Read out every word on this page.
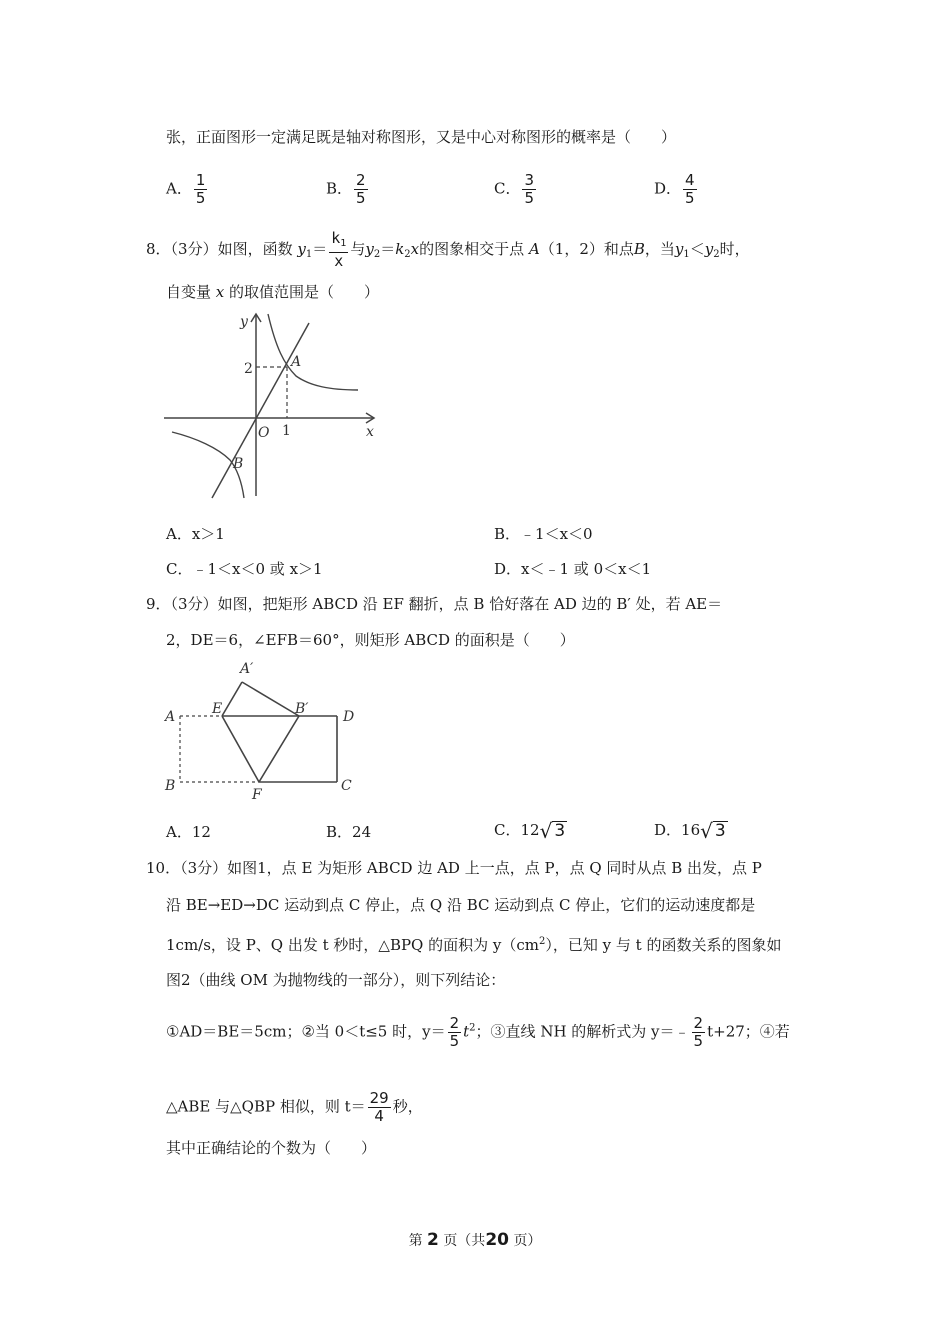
张，正面图形一定满足既是轴对称图形，又是中心对称图形的概率是（　　）
A． $\frac{1}{5}$	B． $\frac{2}{5}$	C． $\frac{3}{5}$	D． $\frac{4}{5}$
8．（3分）如图，函数 $y_1= \frac{k_1}{x}$ 与$y_2=k_2x$的图象相交于点 A（1，2）和点B，当$y_1<y_2$时，
自变量 x 的取值范围是（　　）
y
x
O
2
1
A
B
A．x＞1	B．﹣1＜x＜0
C．﹣1＜x＜0 或 x＞1	D．x＜﹣1 或 0＜x＜1
9．（3分）如图，把矩形 ABCD 沿 EF 翻折，点 B 恰好落在 AD 边的 B′ 处，若 AE＝
2，DE＝6，∠EFB＝60°，则矩形 ABCD 的面积是（　　）
A′
A	E	B′ D
B
F
C
A．12	B．24	C．12 √ 3	D．16 √ 3
10．（3分）如图1，点 E 为矩形 ABCD 边 AD 上一点，点 P，点 Q 同时从点 B 出发，点 P
沿 BE→ED→DC 运动到点 C 停止，点 Q 沿 BC 运动到点 C 停止，它们的运动速度都是
1cm/s，设 P、Q 出发 t 秒时，△BPQ 的面积为 $y(cm^2)$，已知 y 与 t 的函数关系的图象如
图2（曲线 OM 为抛物线的一部分），则下列结论：
①AD＝BE＝5cm；②当 0＜t≤5 时，$y= \frac{2}{5} t^2$；③直线 NH 的解析式为 y＝﹣ $\frac{2}{5} t+27$；④若
△ABE 与△QBP 相似，则 $t= \frac{29}{4}$ 秒，
其中正确结论的个数为（　　）
第 2 页（共20 页）
